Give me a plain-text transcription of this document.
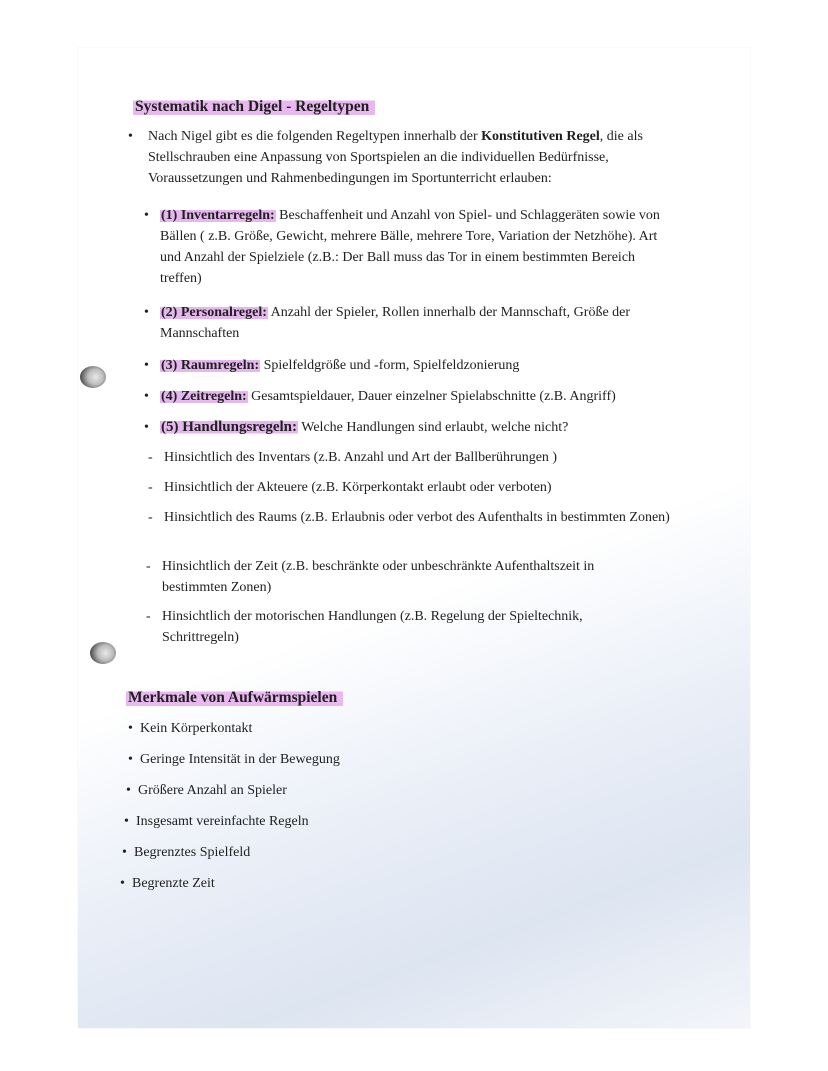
Systematik nach Digel - Regeltypen
• Nach Nigel gibt es die folgenden Regeltypen innerhalb der Konstitutiven Regel, die als Stellschrauben eine Anpassung von Sportspielen an die individuellen Bedürfnisse, Voraussetzungen und Rahmenbedingungen im Sportunterricht erlauben:
• (1) Inventarregeln: Beschaffenheit und Anzahl von Spiel- und Schlaggeräten sowie von Bällen ( z.B. Größe, Gewicht, mehrere Bälle, mehrere Tore, Variation der Netzhöhe). Art und Anzahl der Spielziele (z.B.: Der Ball muss das Tor in einem bestimmten Bereich treffen)
• (2) Personalregel: Anzahl der Spieler, Rollen innerhalb der Mannschaft, Größe der Mannschaften
• (3) Raumregeln: Spielfeldgröße und -form, Spielfeldzonierung
• (4) Zeitregeln: Gesamtspieldauer, Dauer einzelner Spielabschnitte (z.B. Angriff)
• (5) Handlungsregeln: Welche Handlungen sind erlaubt, welche nicht?
- Hinsichtlich des Inventars (z.B. Anzahl und Art der Ballberührungen )
- Hinsichtlich der Akteuere (z.B. Körperkontakt erlaubt oder verboten)
- Hinsichtlich des Raums (z.B. Erlaubnis oder verbot des Aufenthalts in bestimmten Zonen)
- Hinsichtlich der Zeit (z.B. beschränkte oder unbeschränkte Aufenthaltszeit in bestimmten Zonen)
- Hinsichtlich der motorischen Handlungen (z.B. Regelung der Spieltechnik, Schrittregeln)
Merkmale von Aufwärmspielen
• Kein Körperkontakt
• Geringe Intensität in der Bewegung
• Größere Anzahl an Spieler
• Insgesamt vereinfachte Regeln
• Begrenztes Spielfeld
• Begrenzte Zeit
